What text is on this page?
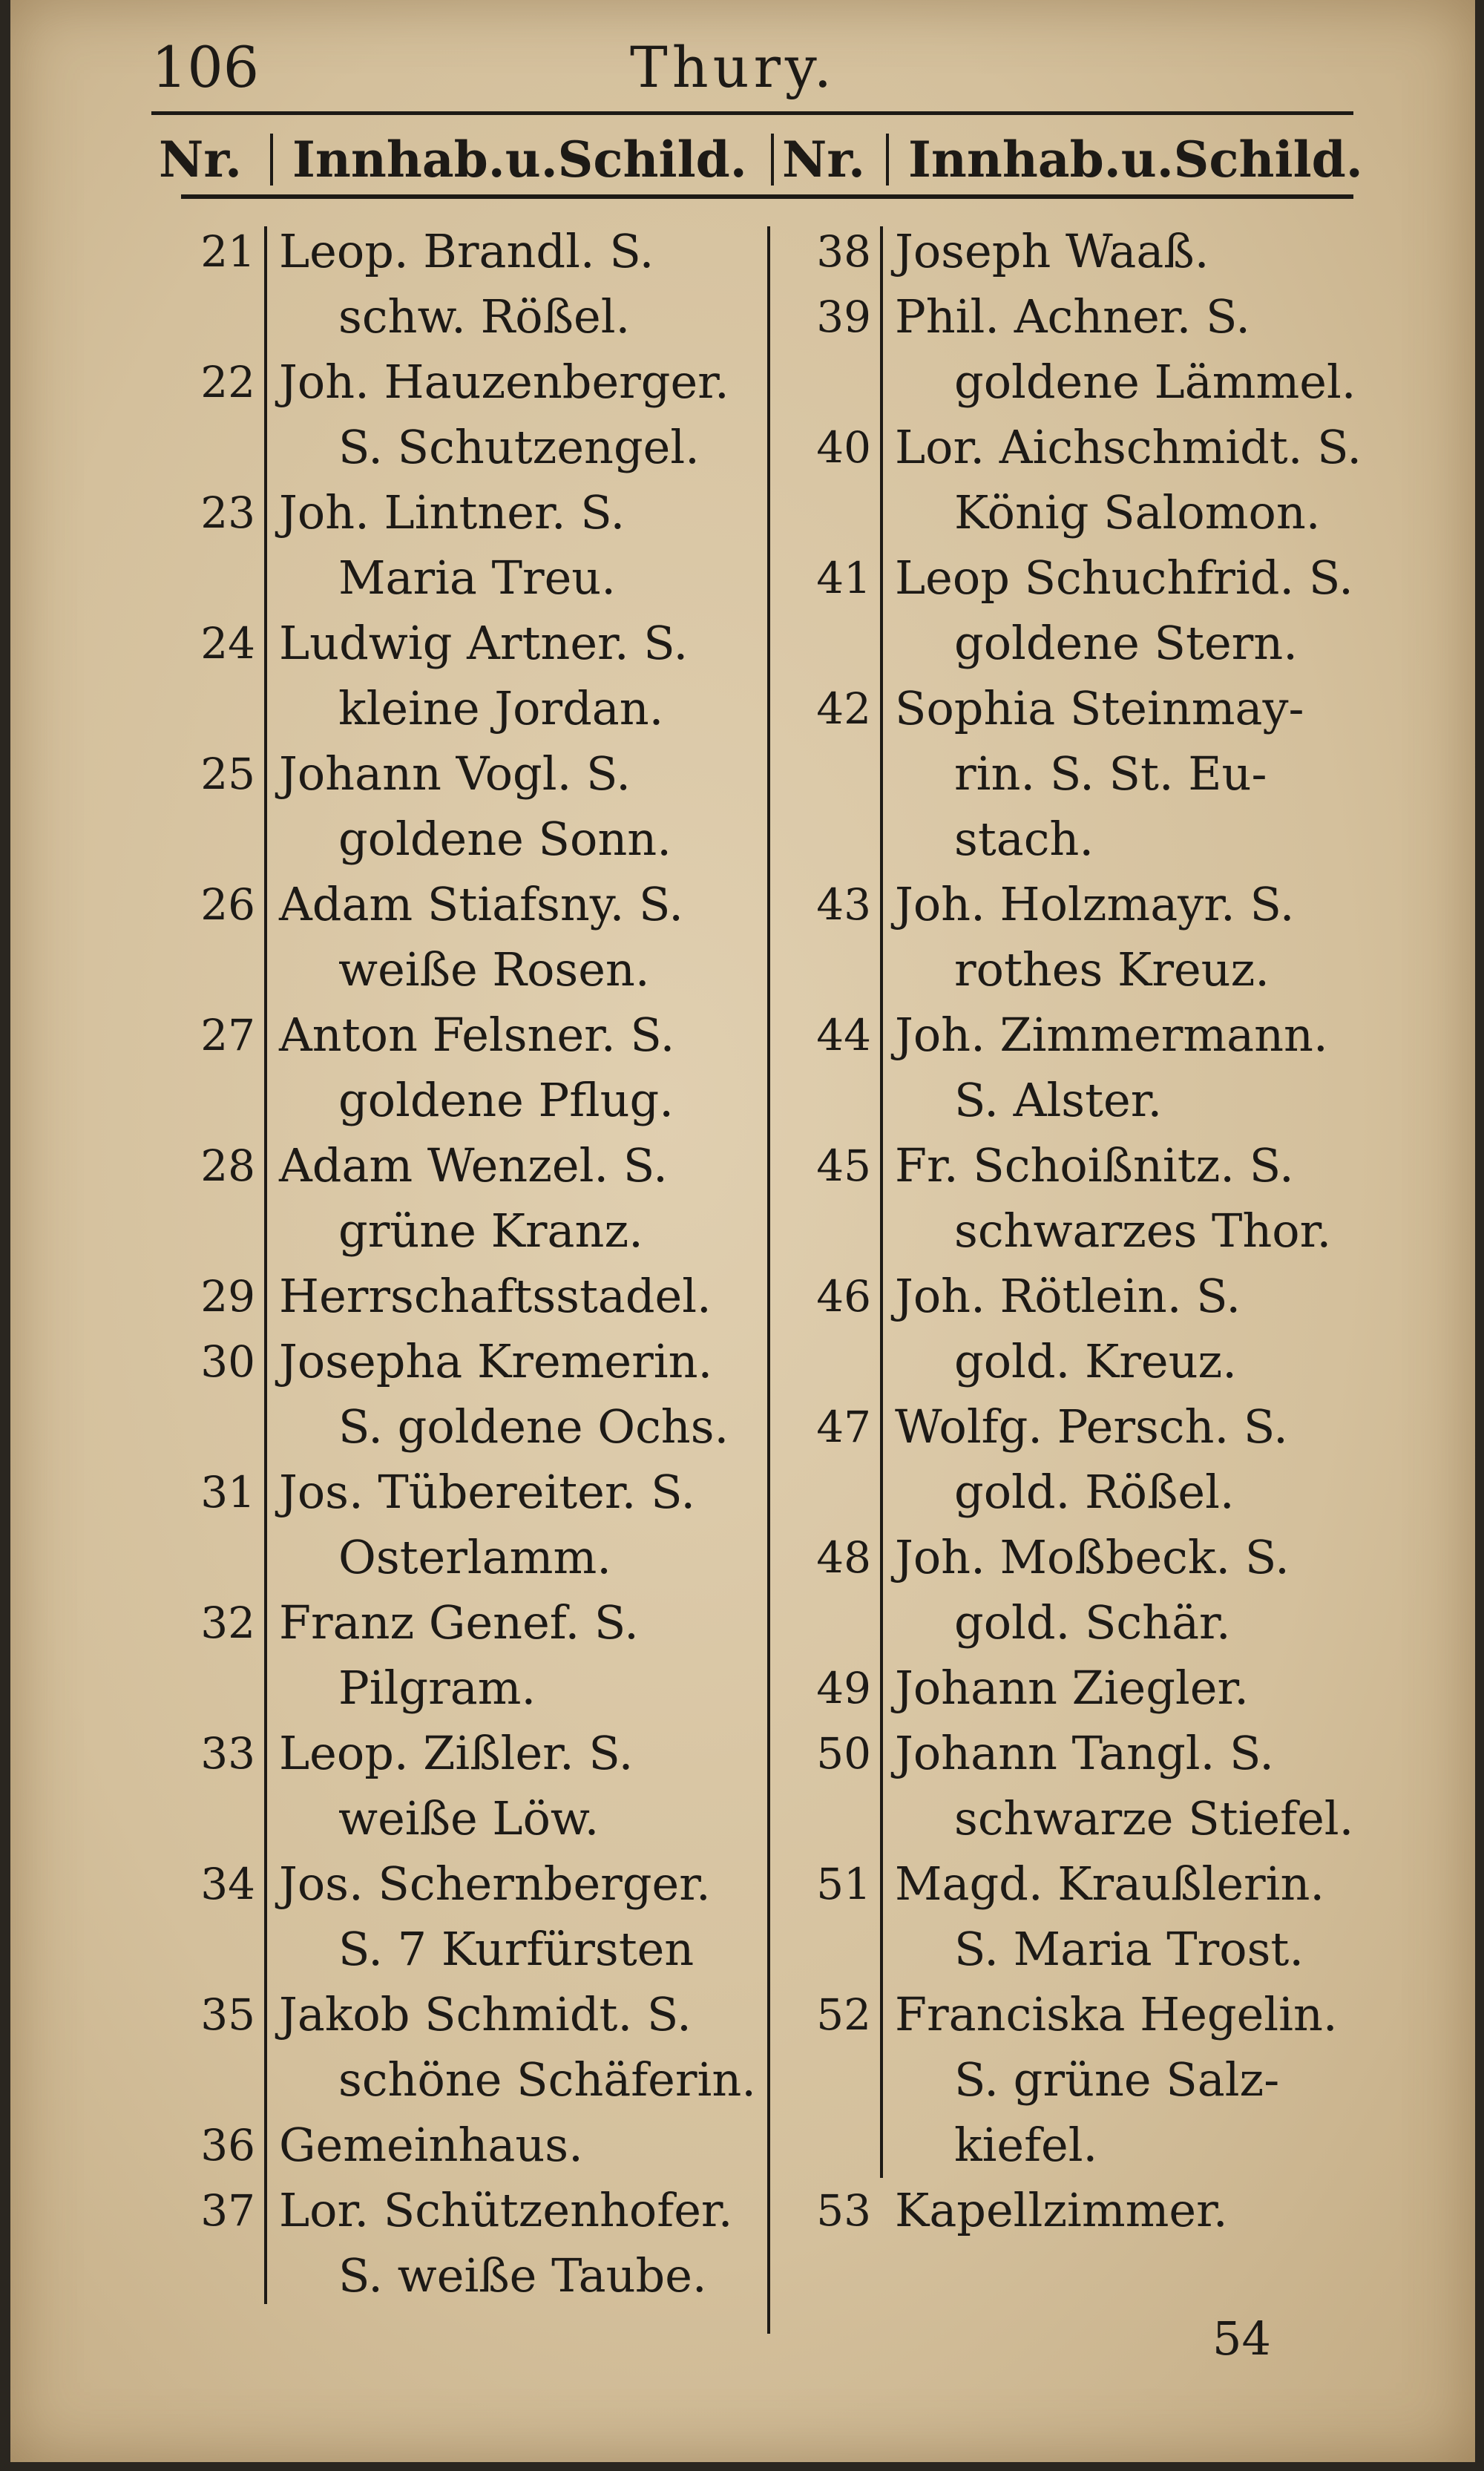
106	Thury.
Nr. Innhab.u.Schild. Nr. Innhab.u.Schild.
21 Leop. Brandl. S.
schw. Rößel.
22 Joh. Hauzenberger.
S. Schutzengel.
23 Joh. Lintner. S.
Maria Treu.
24 Ludwig Artner. S.
kleine Jordan.
25 Johann Vogl. S.
goldene Sonn.
26 Adam Stiafsny. S.
weiße Rosen.
27 Anton Felsner. S.
goldene Pflug.
28 Adam Wenzel. S.
grüne Kranz.
29 Herrschaftsstadel.
30 Josepha Kremerin.
S. goldene Ochs.
31 Jos. Tübereiter. S.
Osterlamm.
32 Franz Genef. S.
Pilgram.
33 Leop. Zißler. S.
weiße Löw.
34 Jos. Schernberger.
S. 7 Kurfürsten
35 Jakob Schmidt. S.
schöne Schäferin.
36 Gemeinhaus.
37 Lor. Schützenhofer.
S. weiße Taube.
38 Joseph Waaß.
39 Phil. Achner. S.
goldene Lämmel.
40 Lor. Aichschmidt. S.
König Salomon.
41 Leop Schuchfrid. S.
goldene Stern.
42 Sophia Steinmay-
rin. S. St. Eu-
stach.
43 Joh. Holzmayr. S.
rothes Kreuz.
44 Joh. Zimmermann.
S. Alster.
45 Fr. Schoißnitz. S.
schwarzes Thor.
46 Joh. Rötlein. S.
gold. Kreuz.
47 Wolfg. Persch. S.
gold. Rößel.
48 Joh. Moßbeck. S.
gold. Schär.
49 Johann Ziegler.
50 Johann Tangl. S.
schwarze Stiefel.
51 Magd. Kraußlerin.
S. Maria Trost.
52 Franciska Hegelin.
S. grüne Salz-
kiefel.
53 Kapellzimmer.
54
